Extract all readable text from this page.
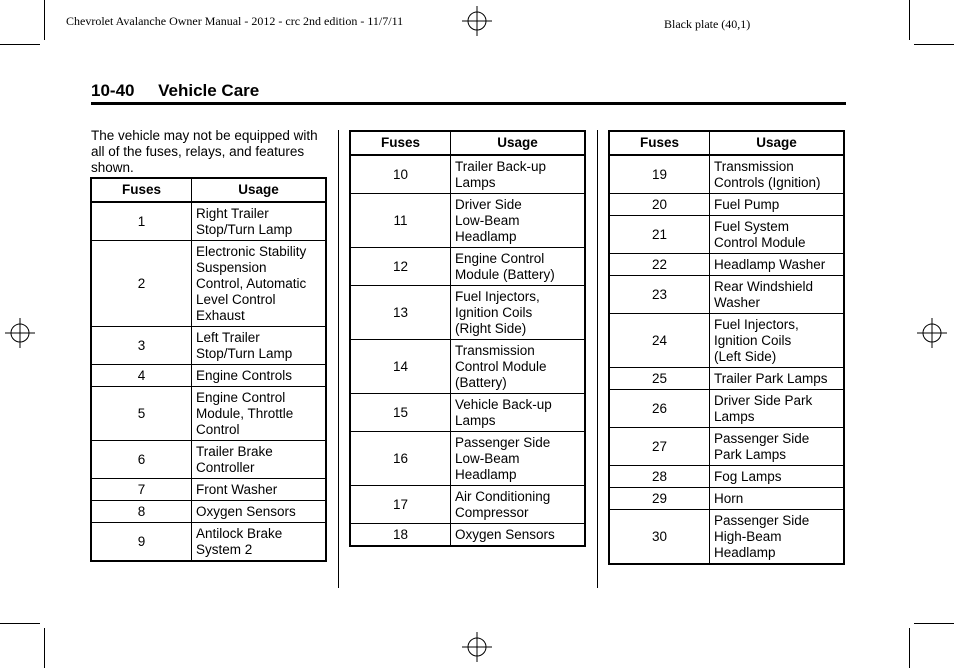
Chevrolet Avalanche Owner Manual - 2012 - crc 2nd edition - 11/7/11	Black plate (40,1)
10-40 Vehicle Care
The vehicle may not be equipped with all of the fuses, relays, and features shown.
Fuses	Usage
1	Right Trailer
Stop/Turn Lamp

2	Electronic Stability
Suspension
Control, Automatic
Level Control
Exhaust

3	Left Trailer
Stop/Turn Lamp

4	Engine Controls

5	Engine Control
Module, Throttle
Control

6	Trailer Brake
Controller

7	Front Washer

8	Oxygen Sensors

9	Antilock Brake
System 2
Fuses	Usage
10	Trailer Back-up
Lamps

11	Driver Side
Low-Beam
Headlamp

12	Engine Control
Module (Battery)

13	Fuel Injectors,
Ignition Coils
(Right Side)

14	Transmission
Control Module
(Battery)

15	Vehicle Back-up
Lamps

16	Passenger Side
Low-Beam
Headlamp

17	Air Conditioning
Compressor

18	Oxygen Sensors
Fuses	Usage
19	Transmission
Controls (Ignition)

20	Fuel Pump

21	Fuel System
Control Module

22	Headlamp Washer

23	Rear Windshield
Washer

24	Fuel Injectors,
Ignition Coils
(Left Side)

25	Trailer Park Lamps

26	Driver Side Park
Lamps

27	Passenger Side
Park Lamps

28	Fog Lamps

29	Horn

30	Passenger Side
High-Beam
Headlamp
